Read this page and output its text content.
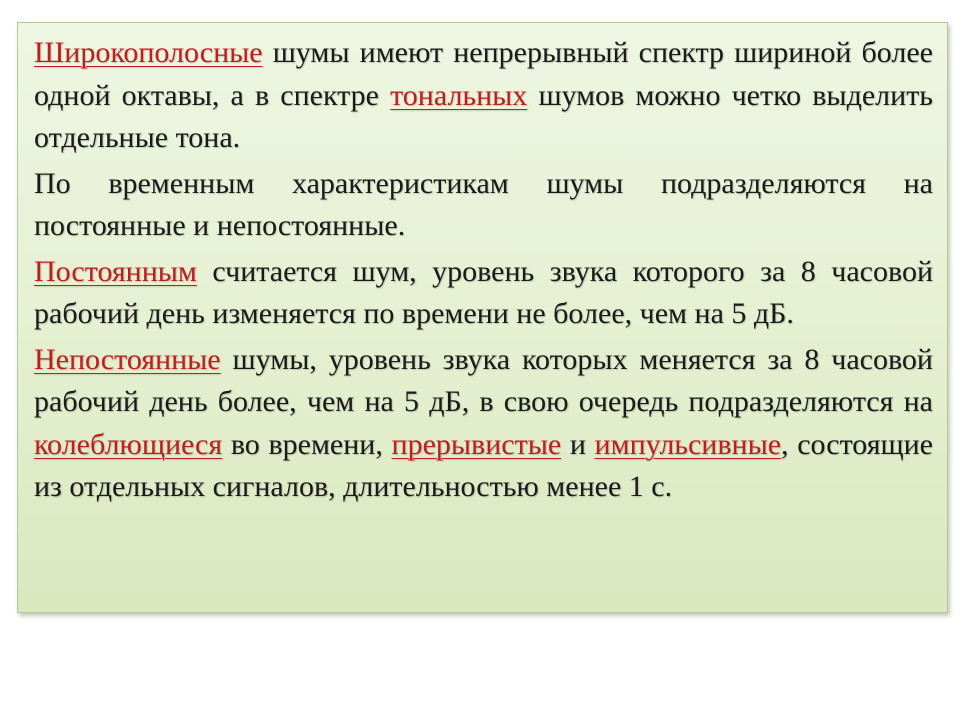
Широкополосные шумы имеют непрерывный спектр шириной более одной октавы, а в спектре тональных шумов можно четко выделить отдельные тона.

По временным характеристикам шумы подразделяются на постоянные и непостоянные.

Постоянным считается шум, уровень звука которого за 8 часовой рабочий день изменяется по времени не более, чем на 5 дБ.

Непостоянные шумы, уровень звука которых меняется за 8 часовой рабочий день более, чем на 5 дБ, в свою очередь подразделяются на колеблющиеся во времени, прерывистые и импульсивные, состоящие из отдельных сигналов, длительностью менее 1 с.
